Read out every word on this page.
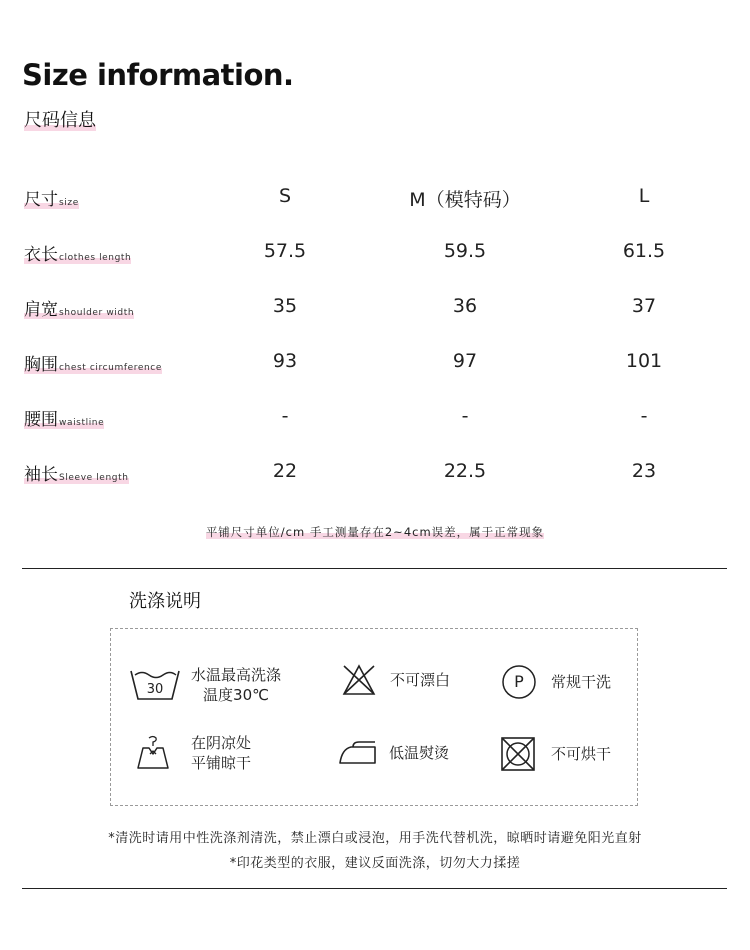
Size information.
尺码信息
尺寸size	S	M（模特码）	L
衣长clothes length	57.5	59.5	61.5
肩宽shoulder width	35	36	37
胸围chest circumference	93	97	101
腰围waistline	-	-	-
袖长Sleeve length	22	22.5	23
平铺尺寸单位/cm 手工测量存在2~4cm误差，属于正常现象
洗涤说明
30
水温最高洗涤
温度30℃
不可漂白	P	常规干洗
在阴凉处
平铺晾干
低温熨烫	不可烘干
*清洗时请用中性洗涤剂清洗，禁止漂白或浸泡，用手洗代替机洗，晾晒时请避免阳光直射
*印花类型的衣服，建议反面洗涤，切勿大力揉搓
